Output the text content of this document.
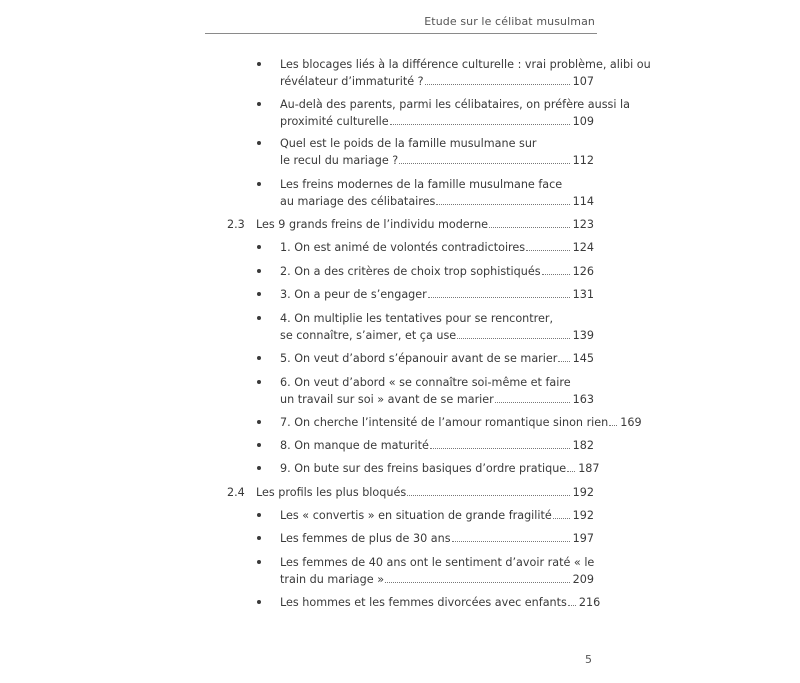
Etude sur le célibat musulman
Les blocages liés à la différence culturelle : vrai problème, alibi ou
révélateur d’immaturité ?	107
Au-delà des parents, parmi les célibataires, on préfère aussi la
proximité culturelle	109
Quel est le poids de la famille musulmane sur
le recul du mariage ?	112
Les freins modernes de la famille musulmane face
au mariage des célibataires	114
2.3 Les 9 grands freins de l’individu moderne	123
1. On est animé de volontés contradictoires	124
2. On a des critères de choix trop sophistiqués	126
3. On a peur de s’engager	131
4. On multiplie les tentatives pour se rencontrer,
se connaître, s’aimer, et ça use	139
5. On veut d’abord s’épanouir avant de se marier 145
6. On veut d’abord « se connaître soi-même et faire
un travail sur soi » avant de se marier	163
7. On cherche l’intensité de l’amour romantique sinon rien 169
8. On manque de maturité	182
9. On bute sur des freins basiques d’ordre pratique 187
2.4 Les profils les plus bloqués	192
Les « convertis » en situation de grande fragilité 192
Les femmes de plus de 30 ans	197
Les femmes de 40 ans ont le sentiment d’avoir raté « le
train du mariage »	209
Les hommes et les femmes divorcées avec enfants 216
5
